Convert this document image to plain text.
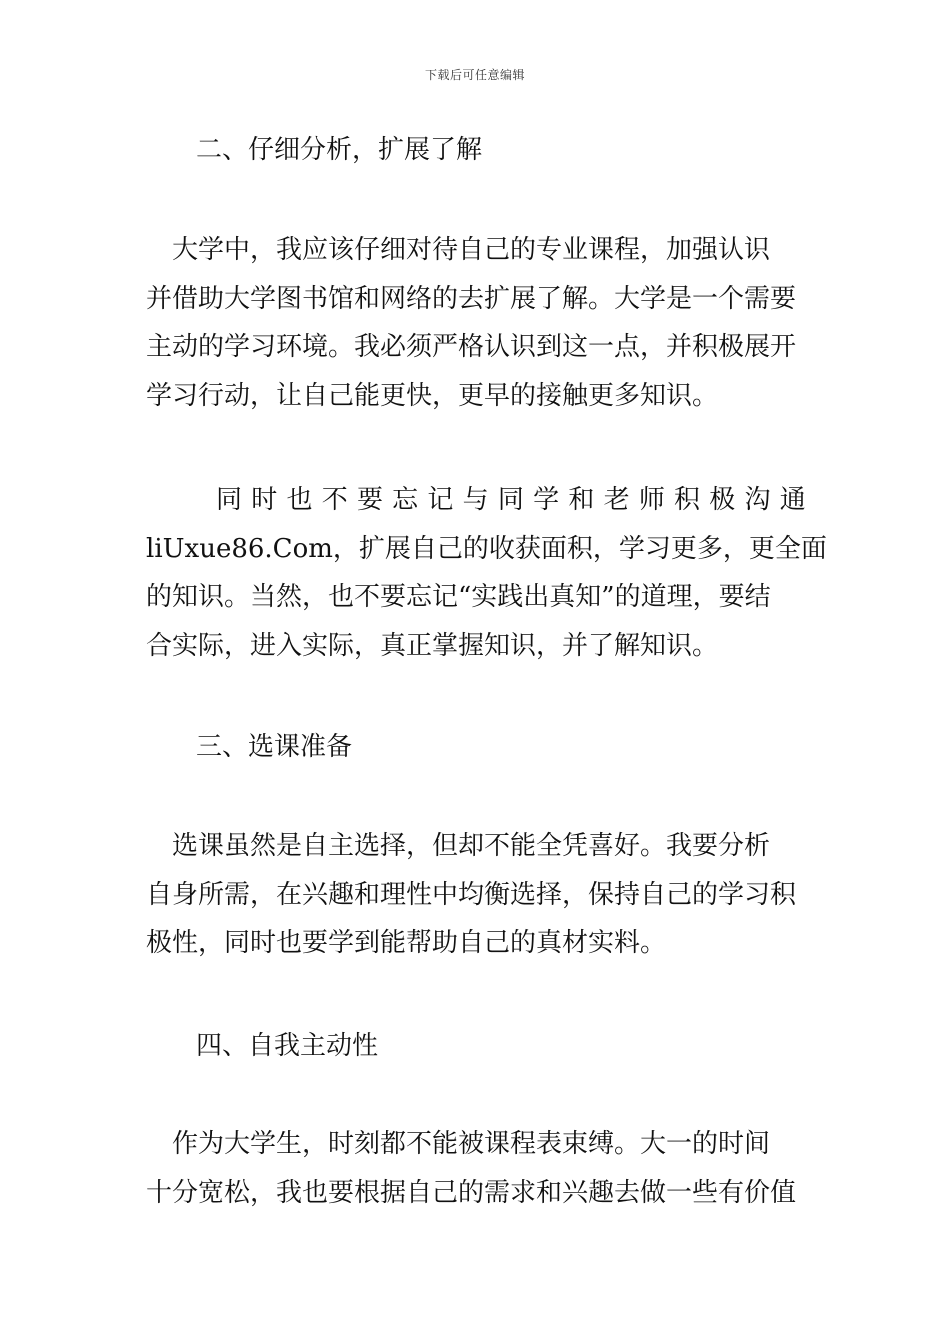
下载后可任意编辑
二、仔细分析，扩展了解
　大学中，我应该仔细对待自己的专业课程，加强认识
并借助大学图书馆和网络的去扩展了解。大学是一个需要
主动的学习环境。我必须严格认识到这一点，并积极展开
学习行动，让自己能更快，更早的接触更多知识。
同 时 也 不 要 忘 记 与 同 学 和 老 师 积 极 沟 通
liUxue86.Com，扩展自己的收获面积，学习更多，更全面
的知识。当然，也不要忘记“实践出真知”的道理，要结
合实际，进入实际，真正掌握知识，并了解知识。
三、选课准备
　选课虽然是自主选择，但却不能全凭喜好。我要分析
自身所需，在兴趣和理性中均衡选择，保持自己的学习积
极性，同时也要学到能帮助自己的真材实料。
四、自我主动性
　作为大学生，时刻都不能被课程表束缚。大一的时间
十分宽松，我也要根据自己的需求和兴趣去做一些有价值
